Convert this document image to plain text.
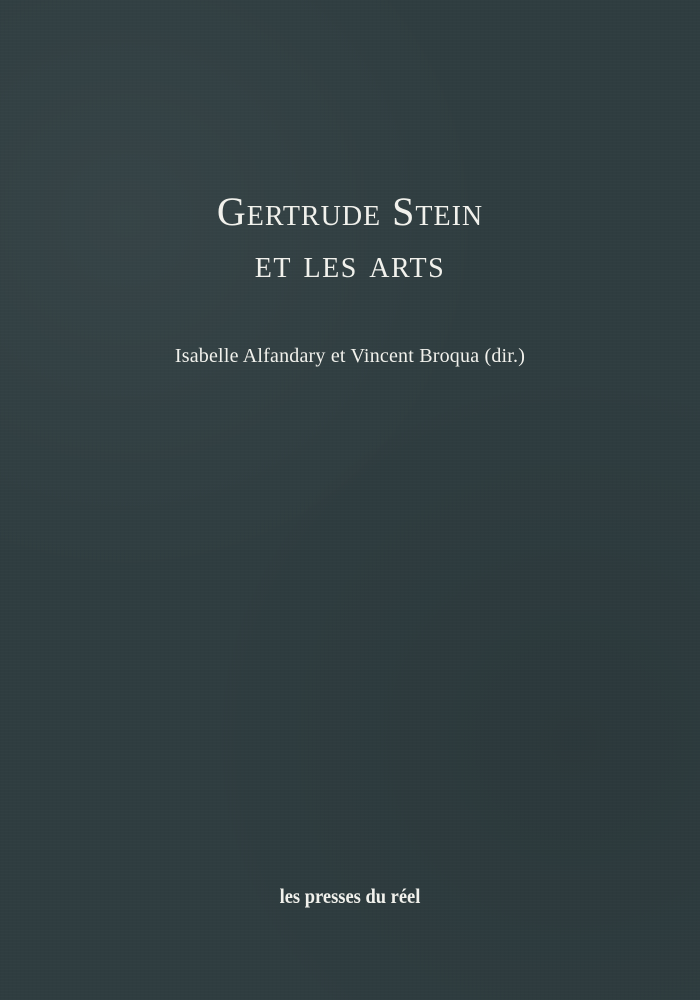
Gertrude Stein
et les arts

Isabelle Alfandary et Vincent Broqua (dir.)

les presses du réel
